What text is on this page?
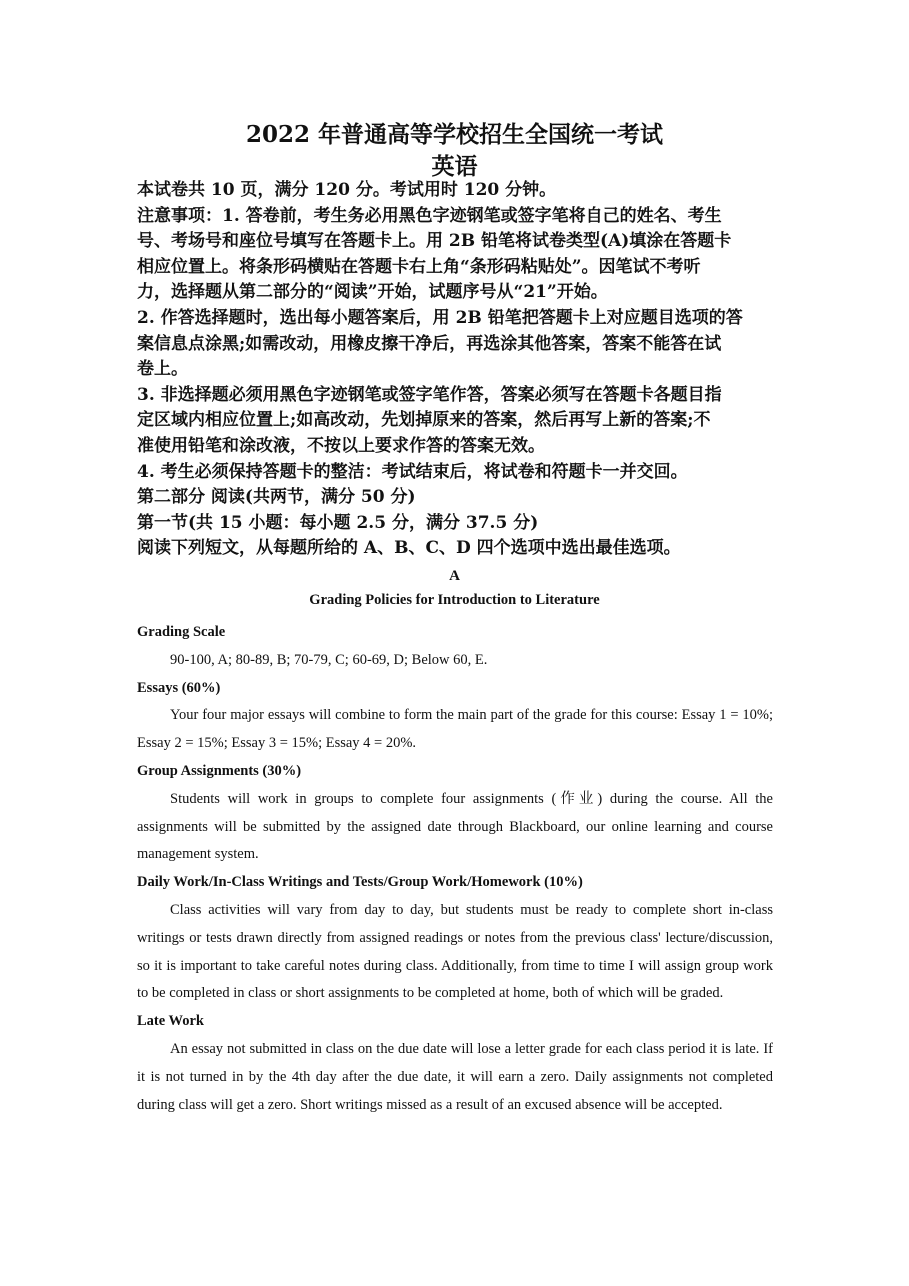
2022 年普通高等学校招生全国统一考试
英语
本试卷共 10 页，满分 120 分。考试用时 120 分钟。
注意事项：1. 答卷前，考生务必用黑色字迹钢笔或签字笔将自己的姓名、考生
号、考场号和座位号填写在答题卡上。用 2B 铅笔将试卷类型(A)填涂在答题卡
相应位置上。将条形码横贴在答题卡右上角“条形码粘贴处”。因笔试不考听
力，选择题从第二部分的“阅读”开始，试题序号从“21”开始。
2. 作答选择题时，选出每小题答案后，用 2B 铅笔把答题卡上对应题目选项的答
案信息点涂黑;如需改动，用橡皮擦干净后，再选涂其他答案，答案不能答在试
卷上。
3. 非选择题必须用黑色字迹钢笔或签字笔作答，答案必须写在答题卡各题目指
定区域内相应位置上;如高改动，先划掉原来的答案，然后再写上新的答案;不
准使用铅笔和涂改液，不按以上要求作答的答案无效。
4. 考生必须保持答题卡的整洁：考试结束后，将试卷和符题卡一并交回。
第二部分 阅读(共两节，满分 50 分)
第一节(共 15 小题：每小题 2.5 分，满分 37.5 分)
阅读下列短文，从每题所给的 A、B、C、D 四个选项中选出最佳选项。
A
Grading Policies for Introduction to Literature
Grading Scale
90-100, A; 80-89, B; 70-79, C; 60-69, D; Below 60, E.
Essays (60%)
Your four major essays will combine to form the main part of the grade for this course: Essay 1 = 10%; Essay 2 = 15%; Essay 3 = 15%; Essay 4 = 20%.
Group Assignments (30%)
Students will work in groups to complete four assignments (作业) during the course. All the assignments will be submitted by the assigned date through Blackboard, our online learning and course management system.
Daily Work/In-Class Writings and Tests/Group Work/Homework (10%)
Class activities will vary from day to day, but students must be ready to complete short in-class writings or tests drawn directly from assigned readings or notes from the previous class' lecture/discussion, so it is important to take careful notes during class. Additionally, from time to time I will assign group work to be completed in class or short assignments to be completed at home, both of which will be graded.
Late Work
An essay not submitted in class on the due date will lose a letter grade for each class period it is late. If it is not turned in by the 4th day after the due date, it will earn a zero. Daily assignments not completed during class will get a zero. Short writings missed as a result of an excused absence will be accepted.
